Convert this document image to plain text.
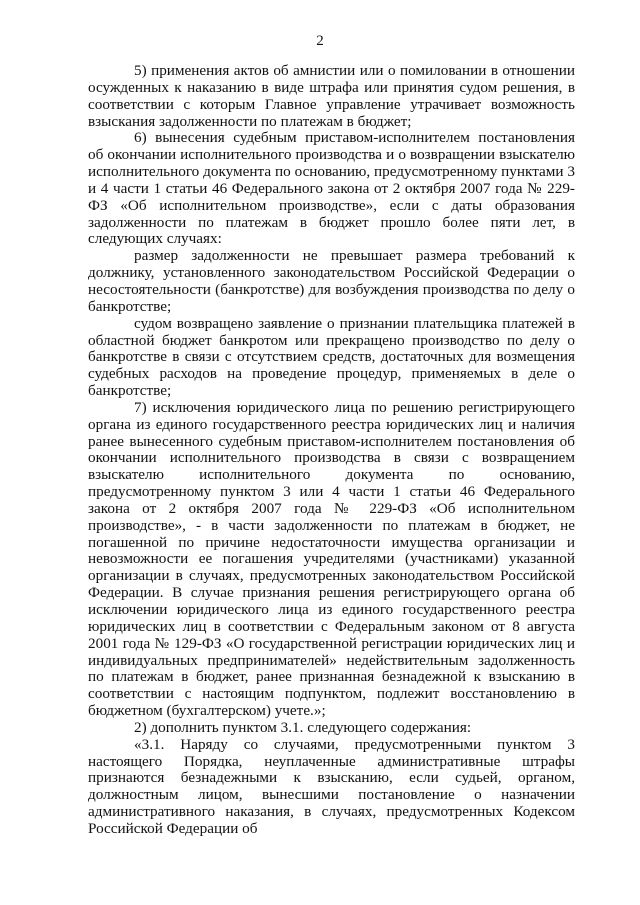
2

5) применения актов об амнистии или о помиловании в отношении осужденных к наказанию в виде штрафа или принятия судом решения, в соответствии с которым Главное управление утрачивает возможность взыскания задолженности по платежам в бюджет;

6) вынесения судебным приставом-исполнителем постановления об окончании исполнительного производства и о возвращении взыскателю исполнительного документа по основанию, предусмотренному пунктами 3 и 4 части 1 статьи 46 Федерального закона от 2 октября 2007 года № 229-ФЗ «Об исполнительном производстве», если с даты образования задолженности по платежам в бюджет прошло более пяти лет, в следующих случаях:

размер задолженности не превышает размера требований к должнику, установленного законодательством Российской Федерации о несостоятельности (банкротстве) для возбуждения производства по делу о банкротстве;

судом возвращено заявление о признании плательщика платежей в областной бюджет банкротом или прекращено производство по делу о банкротстве в связи с отсутствием средств, достаточных для возмещения судебных расходов на проведение процедур, применяемых в деле о банкротстве;

7) исключения юридического лица по решению регистрирующего органа из единого государственного реестра юридических лиц и наличия ранее вынесенного судебным приставом-исполнителем постановления об окончании исполнительного производства в связи с возвращением взыскателю исполнительного документа по основанию, предусмотренному пунктом 3 или 4 части 1 статьи 46 Федерального закона от 2 октября 2007 года № 229-ФЗ «Об исполнительном производстве», - в части задолженности по платежам в бюджет, не погашенной по причине недостаточности имущества организации и невозможности ее погашения учредителями (участниками) указанной организации в случаях, предусмотренных законодательством Российской Федерации. В случае признания решения регистрирующего органа об исключении юридического лица из единого государственного реестра юридических лиц в соответствии с Федеральным законом от 8 августа 2001 года № 129-ФЗ «О государственной регистрации юридических лиц и индивидуальных предпринимателей» недействительным задолженность по платежам в бюджет, ранее признанная безнадежной к взысканию в соответствии с настоящим подпунктом, подлежит восстановлению в бюджетном (бухгалтерском) учете.»;

2) дополнить пунктом 3.1. следующего содержания:

«3.1. Наряду со случаями, предусмотренными пунктом 3 настоящего Порядка, неуплаченные административные штрафы признаются безнадежными к взысканию, если судьей, органом, должностным лицом, вынесшими постановление о назначении административного наказания, в случаях, предусмотренных Кодексом Российской Федерации об
